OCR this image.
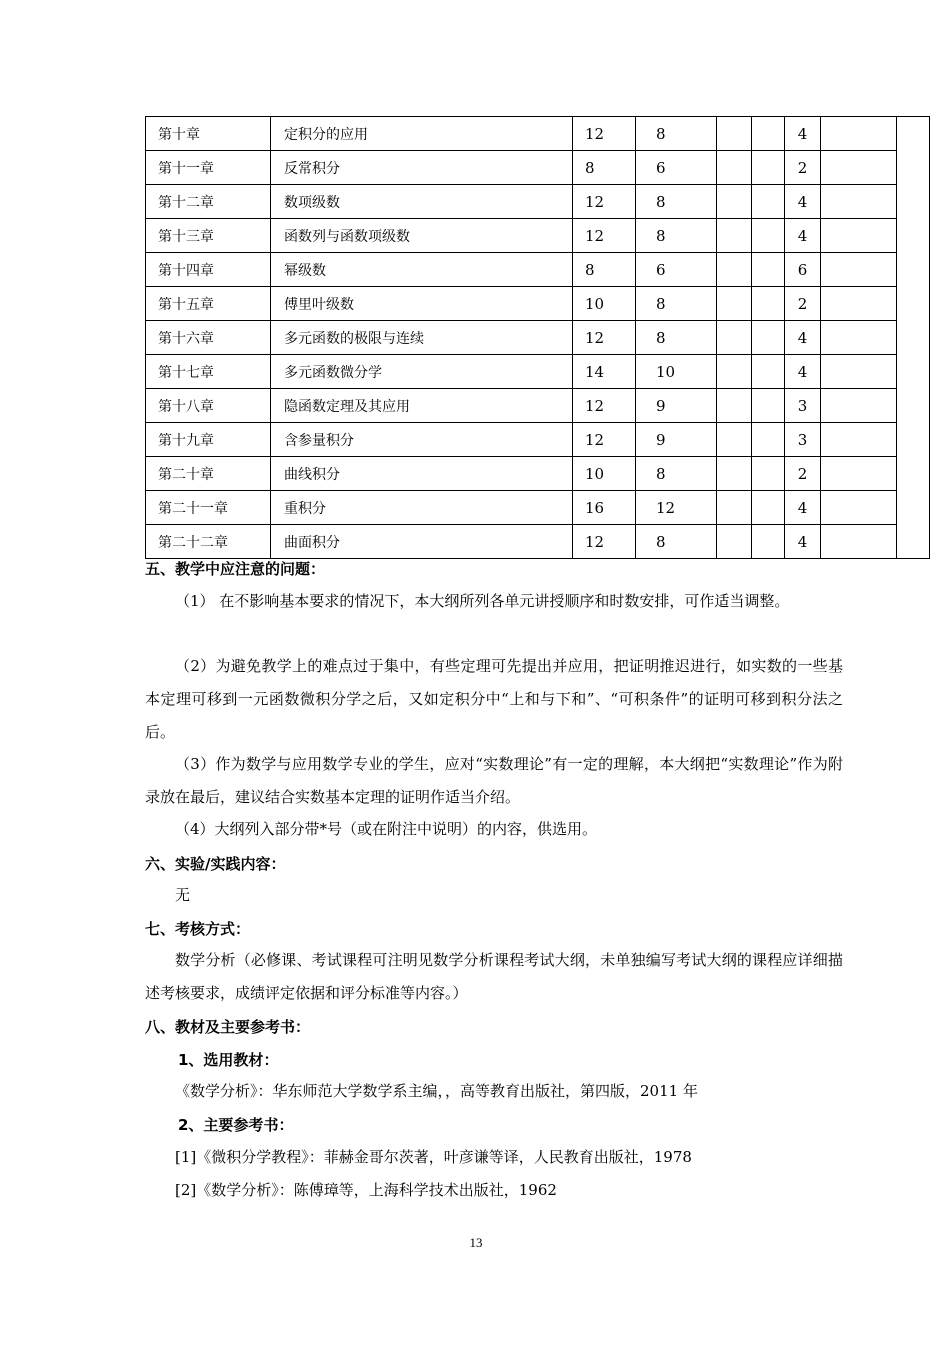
第十章	定积分的应用	12	8			4		
第十一章	反常积分	8	6			2		
第十二章	数项级数	12	8			4		
第十三章	函数列与函数项级数	12	8			4		
第十四章	幂级数	8	6			6		
第十五章	傅里叶级数	10	8			2		
第十六章	多元函数的极限与连续	12	8			4		
第十七章	多元函数微分学	14	10			4		
第十八章	隐函数定理及其应用	12	9			3		
第十九章	含参量积分	12	9			3		
第二十章	曲线积分	10	8			2		
第二十一章	重积分	16	12			4		
第二十二章	曲面积分	12	8			4		
五、教学中应注意的问题：
（1） 在不影响基本要求的情况下，本大纲所列各单元讲授顺序和时数安排，可作适当调整。
（2）为避免教学上的难点过于集中，有些定理可先提出并应用，把证明推迟进行，如实数的一些基本定理可移到一元函数微积分学之后，又如定积分中“上和与下和”、“可积条件”的证明可移到积分法之后。
（3）作为数学与应用数学专业的学生，应对“实数理论”有一定的理解，本大纲把“实数理论”作为附录放在最后，建议结合实数基本定理的证明作适当介绍。
（4）大纲列入部分带*号（或在附注中说明）的内容，供选用。
六、实验/实践内容：
无
七、考核方式：
数学分析（必修课、考试课程可注明见数学分析课程考试大纲，未单独编写考试大纲的课程应详细描述考核要求，成绩评定依据和评分标准等内容。）
八、教材及主要参考书：
1、选用教材：
《数学分析》：华东师范大学数学系主编，，高等教育出版社，第四版，2011 年
2、主要参考书：
[1]《微积分学教程》：菲赫金哥尔茨著，叶彦谦等译，人民教育出版社，1978
[2]《数学分析》：陈傅璋等，上海科学技术出版社，1962
13
